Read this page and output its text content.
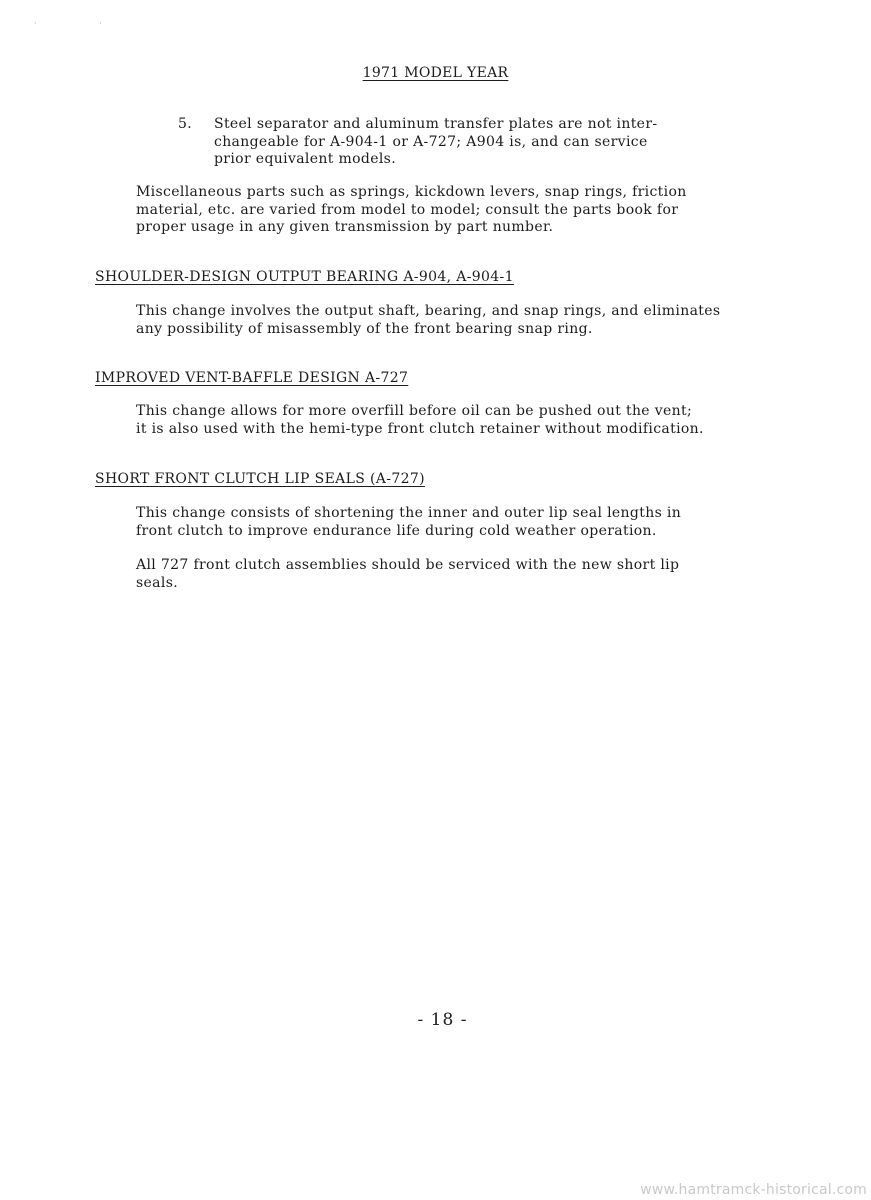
· ·
1971 MODEL YEAR
5. Steel separator and aluminum transfer plates are not inter-
changeable for A-904-1 or A-727; A904 is, and can service
prior equivalent models.
Miscellaneous parts such as springs, kickdown levers, snap rings, friction
material, etc. are varied from model to model; consult the parts book for
proper usage in any given transmission by part number.
SHOULDER-DESIGN OUTPUT BEARING A-904, A-904-1
This change involves the output shaft, bearing, and snap rings, and eliminates
any possibility of misassembly of the front bearing snap ring.
IMPROVED VENT-BAFFLE DESIGN A-727
This change allows for more overfill before oil can be pushed out the vent;
it is also used with the hemi-type front clutch retainer without modification.
SHORT FRONT CLUTCH LIP SEALS (A-727)
This change consists of shortening the inner and outer lip seal lengths in
front clutch to improve endurance life during cold weather operation.
All 727 front clutch assemblies should be serviced with the new short lip
seals.
- 18 -
www.hamtramck-historical.com
